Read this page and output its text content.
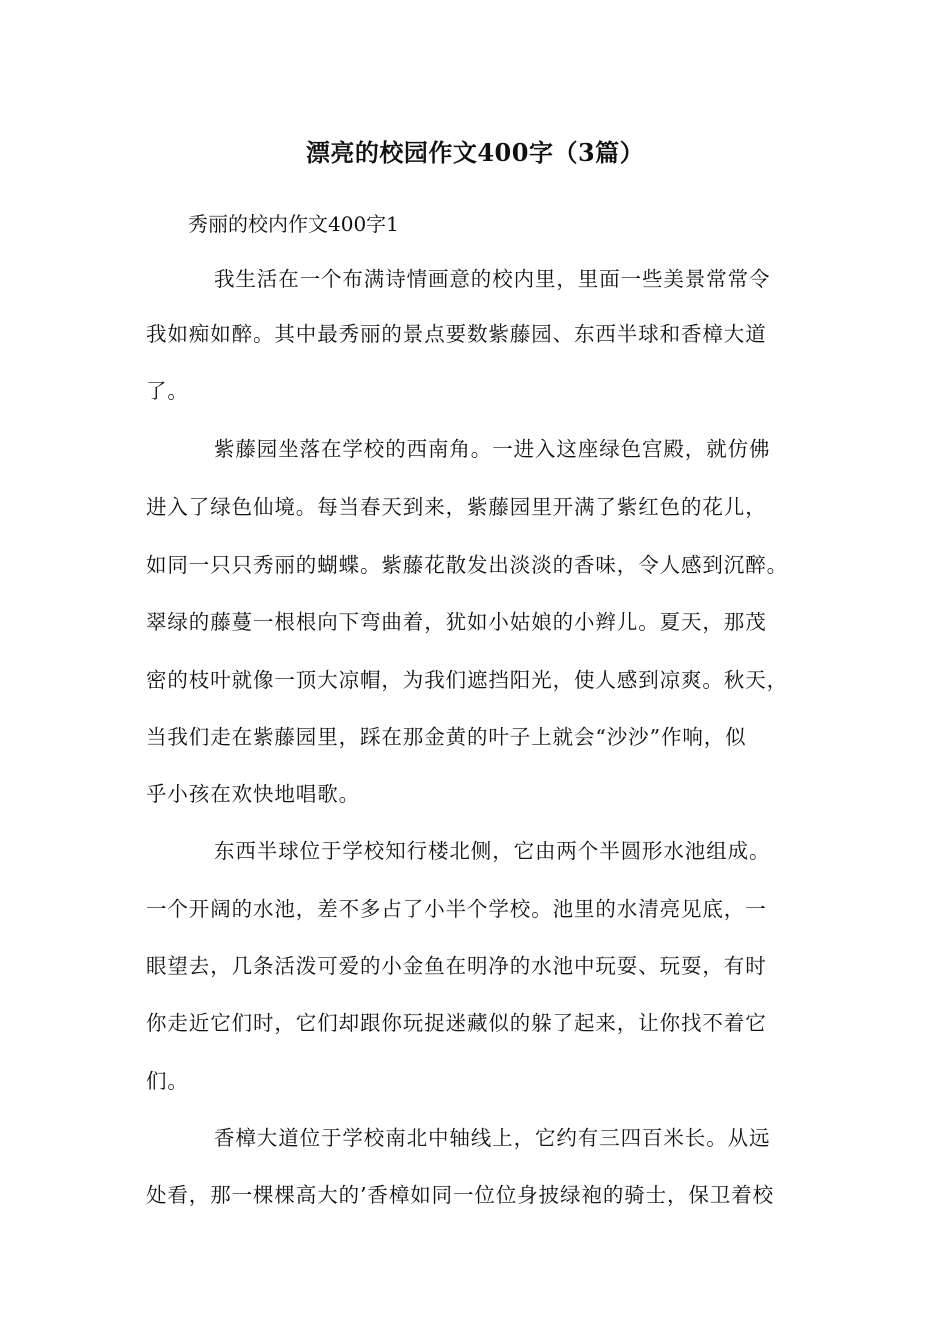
漂亮的校园作文400字（3篇）
秀丽的校内作文400字1
我生活在一个布满诗情画意的校内里，里面一些美景常常令
我如痴如醉。其中最秀丽的景点要数紫藤园、东西半球和香樟大道
了。
紫藤园坐落在学校的西南角。一进入这座绿色宫殿，就仿佛
进入了绿色仙境。每当春天到来，紫藤园里开满了紫红色的花儿，
如同一只只秀丽的蝴蝶。紫藤花散发出淡淡的香味，令人感到沉醉。
翠绿的藤蔓一根根向下弯曲着，犹如小姑娘的小辫儿。夏天，那茂
密的枝叶就像一顶大凉帽，为我们遮挡阳光，使人感到凉爽。秋天，
当我们走在紫藤园里，踩在那金黄的叶子上就会“沙沙”作响，似
乎小孩在欢快地唱歌。
东西半球位于学校知行楼北侧，它由两个半圆形水池组成。
一个开阔的水池，差不多占了小半个学校。池里的水清亮见底，一
眼望去，几条活泼可爱的小金鱼在明净的水池中玩耍、玩耍，有时
你走近它们时，它们却跟你玩捉迷藏似的躲了起来，让你找不着它
们。
香樟大道位于学校南北中轴线上，它约有三四百米长。从远
处看，那一棵棵高大的’香樟如同一位位身披绿袍的骑士，保卫着校
